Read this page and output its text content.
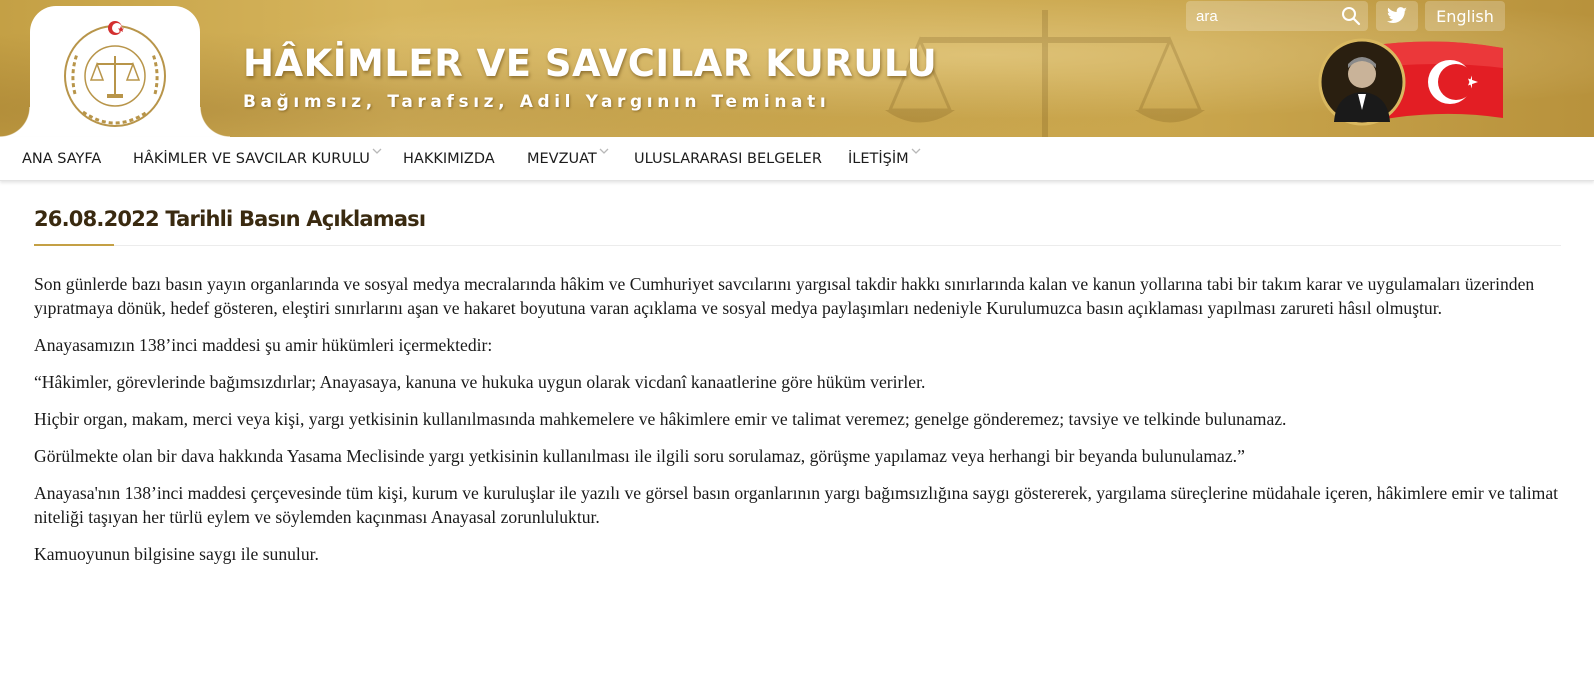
HÂKİMLER VE SAVCILAR KURULU
Bağımsız, Tarafsız, Adil Yargının Teminatı
ara
English
ANA SAYFA HÂKİMLER VE SAVCILAR KURULU HAKKIMIZDA MEVZUAT	ULUSLARARASI BELGELER İLETİŞİM
26.08.2022 Tarihli Basın Açıklaması

Son günlerde bazı basın yayın organlarında ve sosyal medya mecralarında hâkim ve Cumhuriyet savcılarını yargısal takdir hakkı sınırlarında kalan ve kanun yollarına tabi bir takım karar ve uygulamaları üzerinden yıpratmaya dönük, hedef gösteren, eleştiri sınırlarını aşan ve hakaret boyutuna varan açıklama ve sosyal medya paylaşımları nedeniyle Kurulumuzca basın açıklaması yapılması zarureti hâsıl olmuştur.

Anayasamızın 138’inci maddesi şu amir hükümleri içermektedir:

“Hâkimler, görevlerinde bağımsızdırlar; Anayasaya, kanuna ve hukuka uygun olarak vicdanî kanaatlerine göre hüküm verirler.

Hiçbir organ, makam, merci veya kişi, yargı yetkisinin kullanılmasında mahkemelere ve hâkimlere emir ve talimat veremez; genelge gönderemez; tavsiye ve telkinde bulunamaz.

Görülmekte olan bir dava hakkında Yasama Meclisinde yargı yetkisinin kullanılması ile ilgili soru sorulamaz, görüşme yapılamaz veya herhangi bir beyanda bulunulamaz.”

Anayasa'nın 138’inci maddesi çerçevesinde tüm kişi, kurum ve kuruluşlar ile yazılı ve görsel basın organlarının yargı bağımsızlığına saygı göstererek, yargılama süreçlerine müdahale içeren, hâkimlere emir ve talimat niteliği taşıyan her türlü eylem ve söylemden kaçınması Anayasal zorunluluktur.

Kamuoyunun bilgisine saygı ile sunulur.
